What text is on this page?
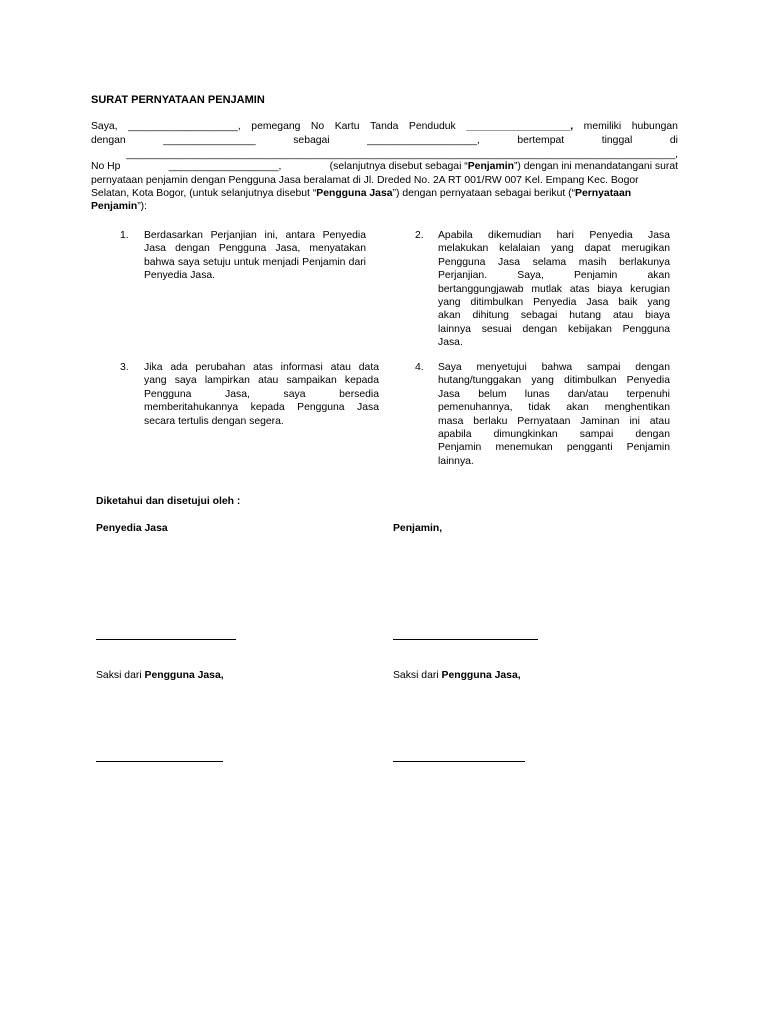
SURAT PERNYATAAN PENJAMIN
Saya, ___________________, pemegang No Kartu Tanda Penduduk __________________, memiliki hubungan
dengan	________________	sebagai	___________________,	bertempat	tinggal	di
_______________________________________________________________________________________________,
No Hp	___________________,	(selanjutnya disebut sebagai “Penjamin”) dengan ini menandatangani surat
pernyataan penjamin dengan Pengguna Jasa beralamat di Jl. Dreded No. 2A RT 001/RW 007 Kel. Empang Kec. Bogor
Selatan, Kota Bogor, (untuk selanjutnya disebut “Pengguna Jasa”) dengan pernyataan sebagai berikut (“Pernyataan
Penjamin”):
1. Berdasarkan Perjanjian ini, antara Penyedia
Jasa dengan Pengguna Jasa, menyatakan
bahwa saya setuju untuk menjadi Penjamin dari
Penyedia Jasa.
2. Apabila dikemudian hari Penyedia Jasa
melakukan kelalaian yang dapat merugikan
Pengguna Jasa selama masih berlakunya
Perjanjian.   Saya,   Penjamin   akan
bertanggungjawab mutlak atas biaya kerugian
yang ditimbulkan Penyedia Jasa baik yang
akan dihitung sebagai hutang atau biaya
lainnya sesuai dengan kebijakan Pengguna
Jasa.
3. Jika ada perubahan atas informasi atau data
yang saya lampirkan atau sampaikan kepada
Pengguna   Jasa,   saya   bersedia
memberitahukannya kepada Pengguna Jasa
secara tertulis dengan segera.
4. Saya menyetujui bahwa sampai dengan
hutang/tunggakan yang ditimbulkan Penyedia
Jasa belum lunas dan/atau terpenuhi
pemenuhannya, tidak akan menghentikan
masa berlaku Pernyataan Jaminan ini atau
apabila   dimungkinkan   sampai   dengan
Penjamin menemukan pengganti Penjamin
lainnya.
Diketahui dan disetujui oleh :
Penyedia Jasa	Penjamin,
Saksi dari Pengguna Jasa,	Saksi dari Pengguna Jasa,
